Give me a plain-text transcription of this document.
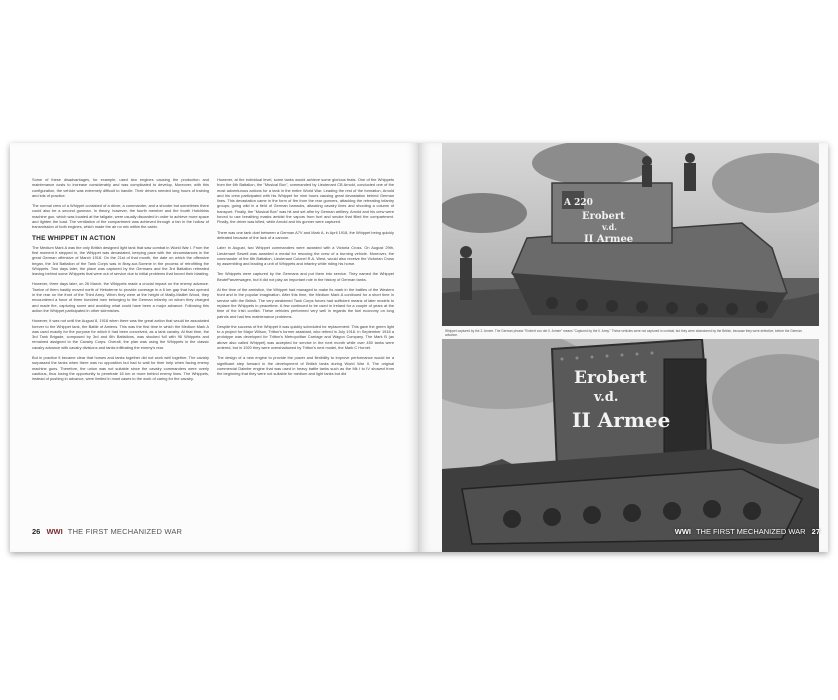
Some of these disadvantages, for example, used two engines causing the production and maintenance costs to increase considerably and was complicated to develop. Moreover, with this configuration, the vehicle was extremely difficult to handle. Their drivers needed long hours of training and lots of practice.

The normal crew of a Whippet consisted of a driver, a commander, and a shooter but sometimes there could also be a second gunman. In theory, however, the fourth member and the fourth Hotchkiss machine gun, which was located at the tailgate, were usually discarded in order to achieve more space and lighten the load. The ventilation of the compartment was achieved through a fan in the hollow of transmission of both engines, which made the air no mix within the cabin.

THE WHIPPET IN ACTION

The Medium Mark A was the only British designed light tank that saw combat in World War I. From the first moment it stepped in, the Whippet was devastated, keeping pace with the circumstances in the great German offensive of March 1918. On the 21st of that month, the date on which the offensive began, the 3rd Battalion of the Tank Corps was in Bray-sur-Somme in the process of retrofitting the Whippets. Two days later, the place was captured by the Germans and the 3rd Battalion retreated leaving behind some Whippets that were out of service due to initial problems that forced their blasting.

However, three days later, on 26 March, the Whippets made a crucial impact on the enemy advance. Twelve of them hastily moved north of Hebuterne to provide coverage in a 6 km gap that had opened in the rear on the front of the Third Army. When they were at the height of Mailly-Maillet Wood, they encountered a force of three hundred men belonging to the German infantry on whom they charged and made fire, capturing some and avoiding what could have been a major advance. Following this action the Whippet participated in other skirmishes.

However, it was not until the August 8, 1918 when there was the great action that would be associated forever to the Whippet tank, the Battle of Amiens. This was the first time in which the Medium Mark A was used exactly for the purpose for which it had been conceived, as a tank cavalry. At that time, the 3rd Tank Brigade, composed by 3rd and 6th Battalions, was stocked full with 96 Whippets and remained assigned to the Cavalry Corps. Overall, the plan was using the Whippets in the classic cavalry advance with cavalry divisions and tanks infiltrating the enemy's rear.

But in practice it became clear that horses and tanks together did not work well together. The cavalry surpassed the tanks when there was no opposition but had to wait for their help when facing enemy machine guns. Therefore, the union was not suitable since the cavalry commanders were overly cautious, thus losing the opportunity to penetrate 16 km or more behind enemy lines. The Whippets, instead of pushing in advance, were limited in most cases to the work of caring for the cavalry.

However, at the individual level, some tanks would achieve some glorious feats. One of the Whippets from the 6th Battalion, the "Musical Box", commanded by Lieutenant CB Arnold, conducted one of the most adventurous actions for a tank in the entire World War. Leading the rest of the formation, Arnold and his crew participated with his Whippet for nine hours causing great devastation behind German lines. This devastation came in the form of fire from the rear gunners, attacking the retreating infantry groups, going wild in a field of German barracks, attacking cavalry lines and shooting a column of transport. Finally, the "Musical Box" was hit and set afire by German artillery. Arnold and his crew were forced to use breathing masks amidst the vapors from fuel and smoke that filled the compartment. Finally, the driver was killed, while Arnold and his gunner were captured.

There was one tank duel between a German A7V and Mark A, in April 1918, the Whippet being quickly defeated because of the lack of a cannon.

Later in August, two Whippet commanders were awarded with a Victoria Cross. On August 29th, Lieutenant Sewell was awarded a medal for rescuing the crew of a burning vehicle. Moreover, the commander of the 6th Battalion, Lieutenant Colonel R.A. West, would also receive the Victorian Cross by assembling and leading a unit of Whippets and infantry while riding his horse.

Ten Whippets were captured by the Germans and put them into service. They named the Whippet BeutePanzerwagen, but it did not play an important role in the history of German tanks.

At the time of the armistice, the Whippet had managed to make its mark in the battles of the Western front and in the popular imagination. After this time, the Medium Mark A continued for a short time in service with the British. The very weakened Tank Corps forces had sufficient means of later models to replace the Whippets in peacetime. A few continued to be used in Ireland for a couple of years at the time of the Irish conflict. These vehicles performed very well in regards the fuel economy on long patrols and had few maintenance problems.

Despite the success of the Whippet it was quickly scheduled for replacement. This gave the green light to a project for Major Wilson, Tritton's former assistant, who retired in July 1918. In September 1918 a prototype was developed for Tritton's Metropolitan Carriage and Wagon Company. The Mark B (as above also called Whippet) was accepted for service in the next month while over 450 tanks were ordered, but in 1920 they were overshadowed by Tritton's next model, the Mark C Hornet.

The design of a new engine to provide the power and flexibility to improve performance would be a significant step forward in the development of British tanks during World War II. The original commercial Daimler engine that was used in heavy battle tanks such as the Mk I to IV showed from the beginning that they were not suitable for medium and light tanks but did

26 WWI THE FIRST MECHANIZED WAR
A 220
Erobert
v.d.
II Armee
Whippet captured by the 2. Armee. The German phrase "Erobert von der II. Armee" means "Captured by the II. Army." These vehicles were not captured in combat, but they were abandoned by the British, because they were defective, before the German advance.
Erobert
v.d.
II Armee
WWI THE FIRST MECHANIZED WAR 27
